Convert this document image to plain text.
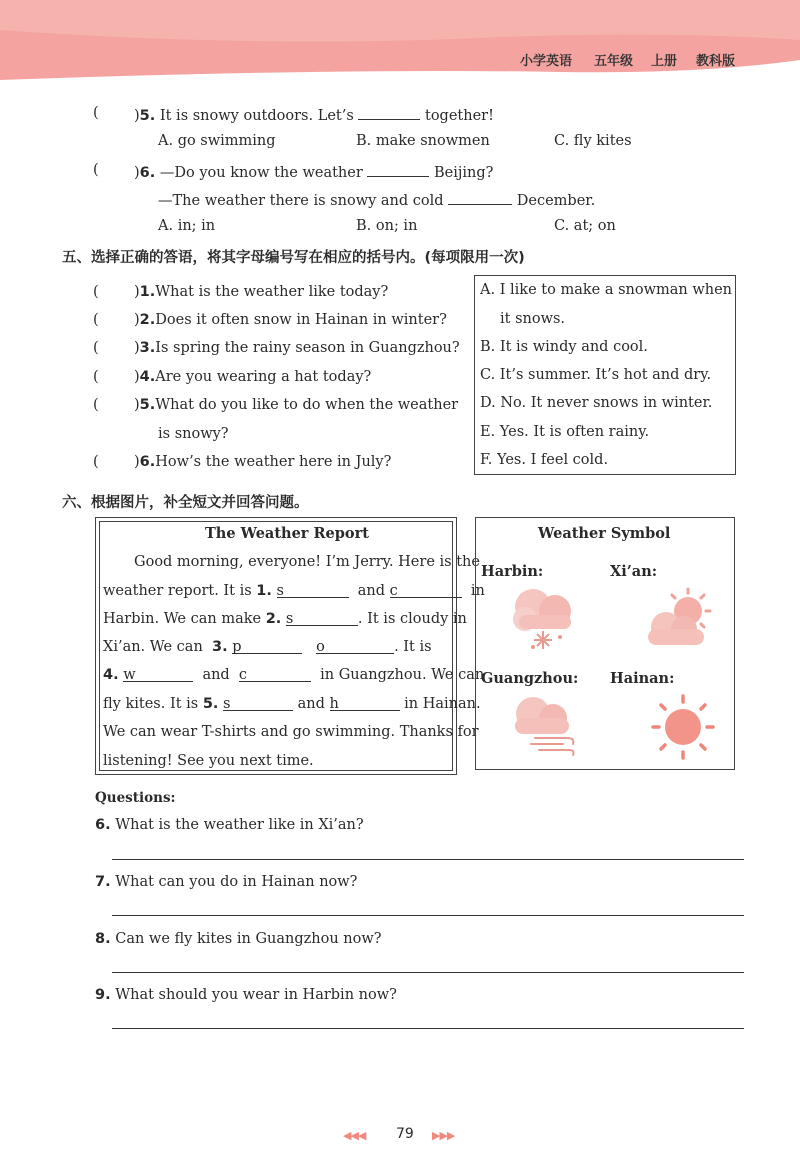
小学英语 五年级 上册 教科版
( )5. It is snowy outdoors. Let’s	together!
A. go swimming	B. make snowmen	C. fly kites
( )6. —Do you know the weather	Beijing?
—The weather there is snowy and cold	December.
A. in; in	B. on; in	C. at; on
五、选择正确的答语，将其字母编号写在相应的括号内。(每项限用一次)
( )1.What is the weather like today?
( )2.Does it often snow in Hainan in winter?
( )3.Is spring the rainy season in Guangzhou?
( )4.Are you wearing a hat today?
( )5.What do you like to do when the weather
is snowy?
( )6.How’s the weather here in July?
A. I like to make a snowman when
it snows.
B. It is windy and cool.
C. It’s summer. It’s hot and dry.
D. No. It never snows in winter.
E. Yes. It is often rainy.
F. Yes. I feel cold.
六、根据图片，补全短文并回答问题。
The Weather Report
Good morning, everyone! I’m Jerry. Here is the
weather report. It is 1. s	and c	in
Harbin. We can make 2. s	. It is cloudy in
Xi’an. We can 3. p	o	. It is
4. w	and c	in Guangzhou. We can
fly kites. It is 5. s	and h	in Hainan.
We can wear T-shirts and go swimming. Thanks for
listening! See you next time.
Weather Symbol
Harbin:	Xi’an:
Guangzhou: Hainan:
Questions:
6. What is the weather like in Xi’an?
7. What can you do in Hainan now?
8. Can we fly kites in Guangzhou now?
9. What should you wear in Harbin now?
◀◀◀ 79 ▶▶▶
